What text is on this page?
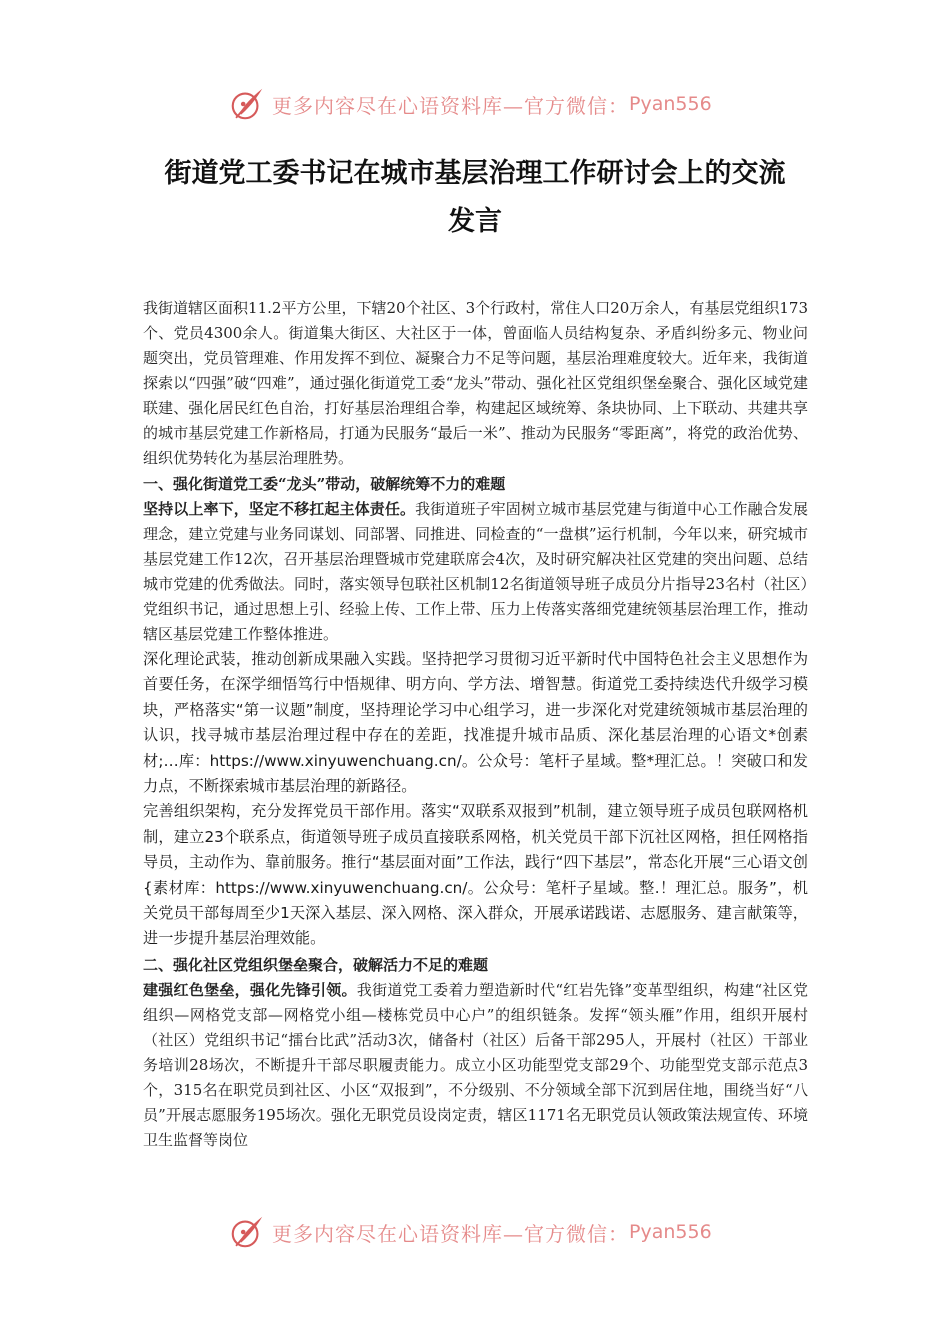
更多内容尽在心语资料库—官方微信： Pyan556
街道党工委书记在城市基层治理工作研讨会上的交流
发言

我街道辖区面积11.2平方公里，下辖20个社区、3个行政村，常住人口20万余人，有基层党组织173个、党员4300余人。街道集大街区、大社区于一体，曾面临人员结构复杂、矛盾纠纷多元、物业问题突出，党员管理难、作用发挥不到位、凝聚合力不足等问题，基层治理难度较大。近年来，我街道探索以“四强”破“四难”，通过强化街道党工委“龙头”带动、强化社区党组织堡垒聚合、强化区域党建联建、强化居民红色自治，打好基层治理组合拳，构建起区域统筹、条块协同、上下联动、共建共享的城市基层党建工作新格局，打通为民服务“最后一米”、推动为民服务“零距离”，将党的政治优势、组织优势转化为基层治理胜势。

一、强化街道党工委“龙头”带动，破解统筹不力的难题

坚持以上率下，坚定不移扛起主体责任。我街道班子牢固树立城市基层党建与街道中心工作融合发展理念，建立党建与业务同谋划、同部署、同推进、同检查的“一盘棋”运行机制，今年以来，研究城市基层党建工作12次，召开基层治理暨城市党建联席会4次，及时研究解决社区党建的突出问题、总结城市党建的优秀做法。同时，落实领导包联社区机制12名街道领导班子成员分片指导23名村（社区）党组织书记，通过思想上引、经验上传、工作上带、压力上传落实落细党建统领基层治理工作，推动辖区基层党建工作整体推进。

深化理论武装，推动创新成果融入实践。坚持把学习贯彻习近平新时代中国特色社会主义思想作为首要任务，在深学细悟笃行中悟规律、明方向、学方法、增智慧。街道党工委持续迭代升级学习模块，严格落实“第一议题”制度，坚持理论学习中心组学习，进一步深化对党建统领城市基层治理的认识，找寻城市基层治理过程中存在的差距，找准提升城市品质、深化基层治理的心语文*创素材;…库：https://www.xinyuwenchuang.cn/。公众号：笔杆子星域。整*理汇总。！突破口和发力点，不断探索城市基层治理的新路径。

完善组织架构，充分发挥党员干部作用。落实“双联系双报到”机制，建立领导班子成员包联网格机制，建立23个联系点，街道领导班子成员直接联系网格，机关党员干部下沉社区网格，担任网格指导员，主动作为、靠前服务。推行“基层面对面”工作法，践行“四下基层”，常态化开展“三心语文创{素材库：https://www.xinyuwenchuang.cn/。公众号：笔杆子星域。整.！理汇总。服务”，机关党员干部每周至少1天深入基层、深入网格、深入群众，开展承诺践诺、志愿服务、建言献策等，进一步提升基层治理效能。

二、强化社区党组织堡垒聚合，破解活力不足的难题

建强红色堡垒，强化先锋引领。我街道党工委着力塑造新时代“红岩先锋”变革型组织，构建“社区党组织—网格党支部—网格党小组—楼栋党员中心户”的组织链条。发挥“领头雁”作用，组织开展村（社区）党组织书记“擂台比武”活动3次，储备村（社区）后备干部295人，开展村（社区）干部业务培训28场次，不断提升干部尽职履责能力。成立小区功能型党支部29个、功能型党支部示范点3个，315名在职党员到社区、小区“双报到”，不分级别、不分领域全部下沉到居住地，围绕当好“八员”开展志愿服务195场次。强化无职党员设岗定责，辖区1171名无职党员认领政策法规宣传、环境卫生监督等岗位

更多内容尽在心语资料库—官方微信： Pyan556
